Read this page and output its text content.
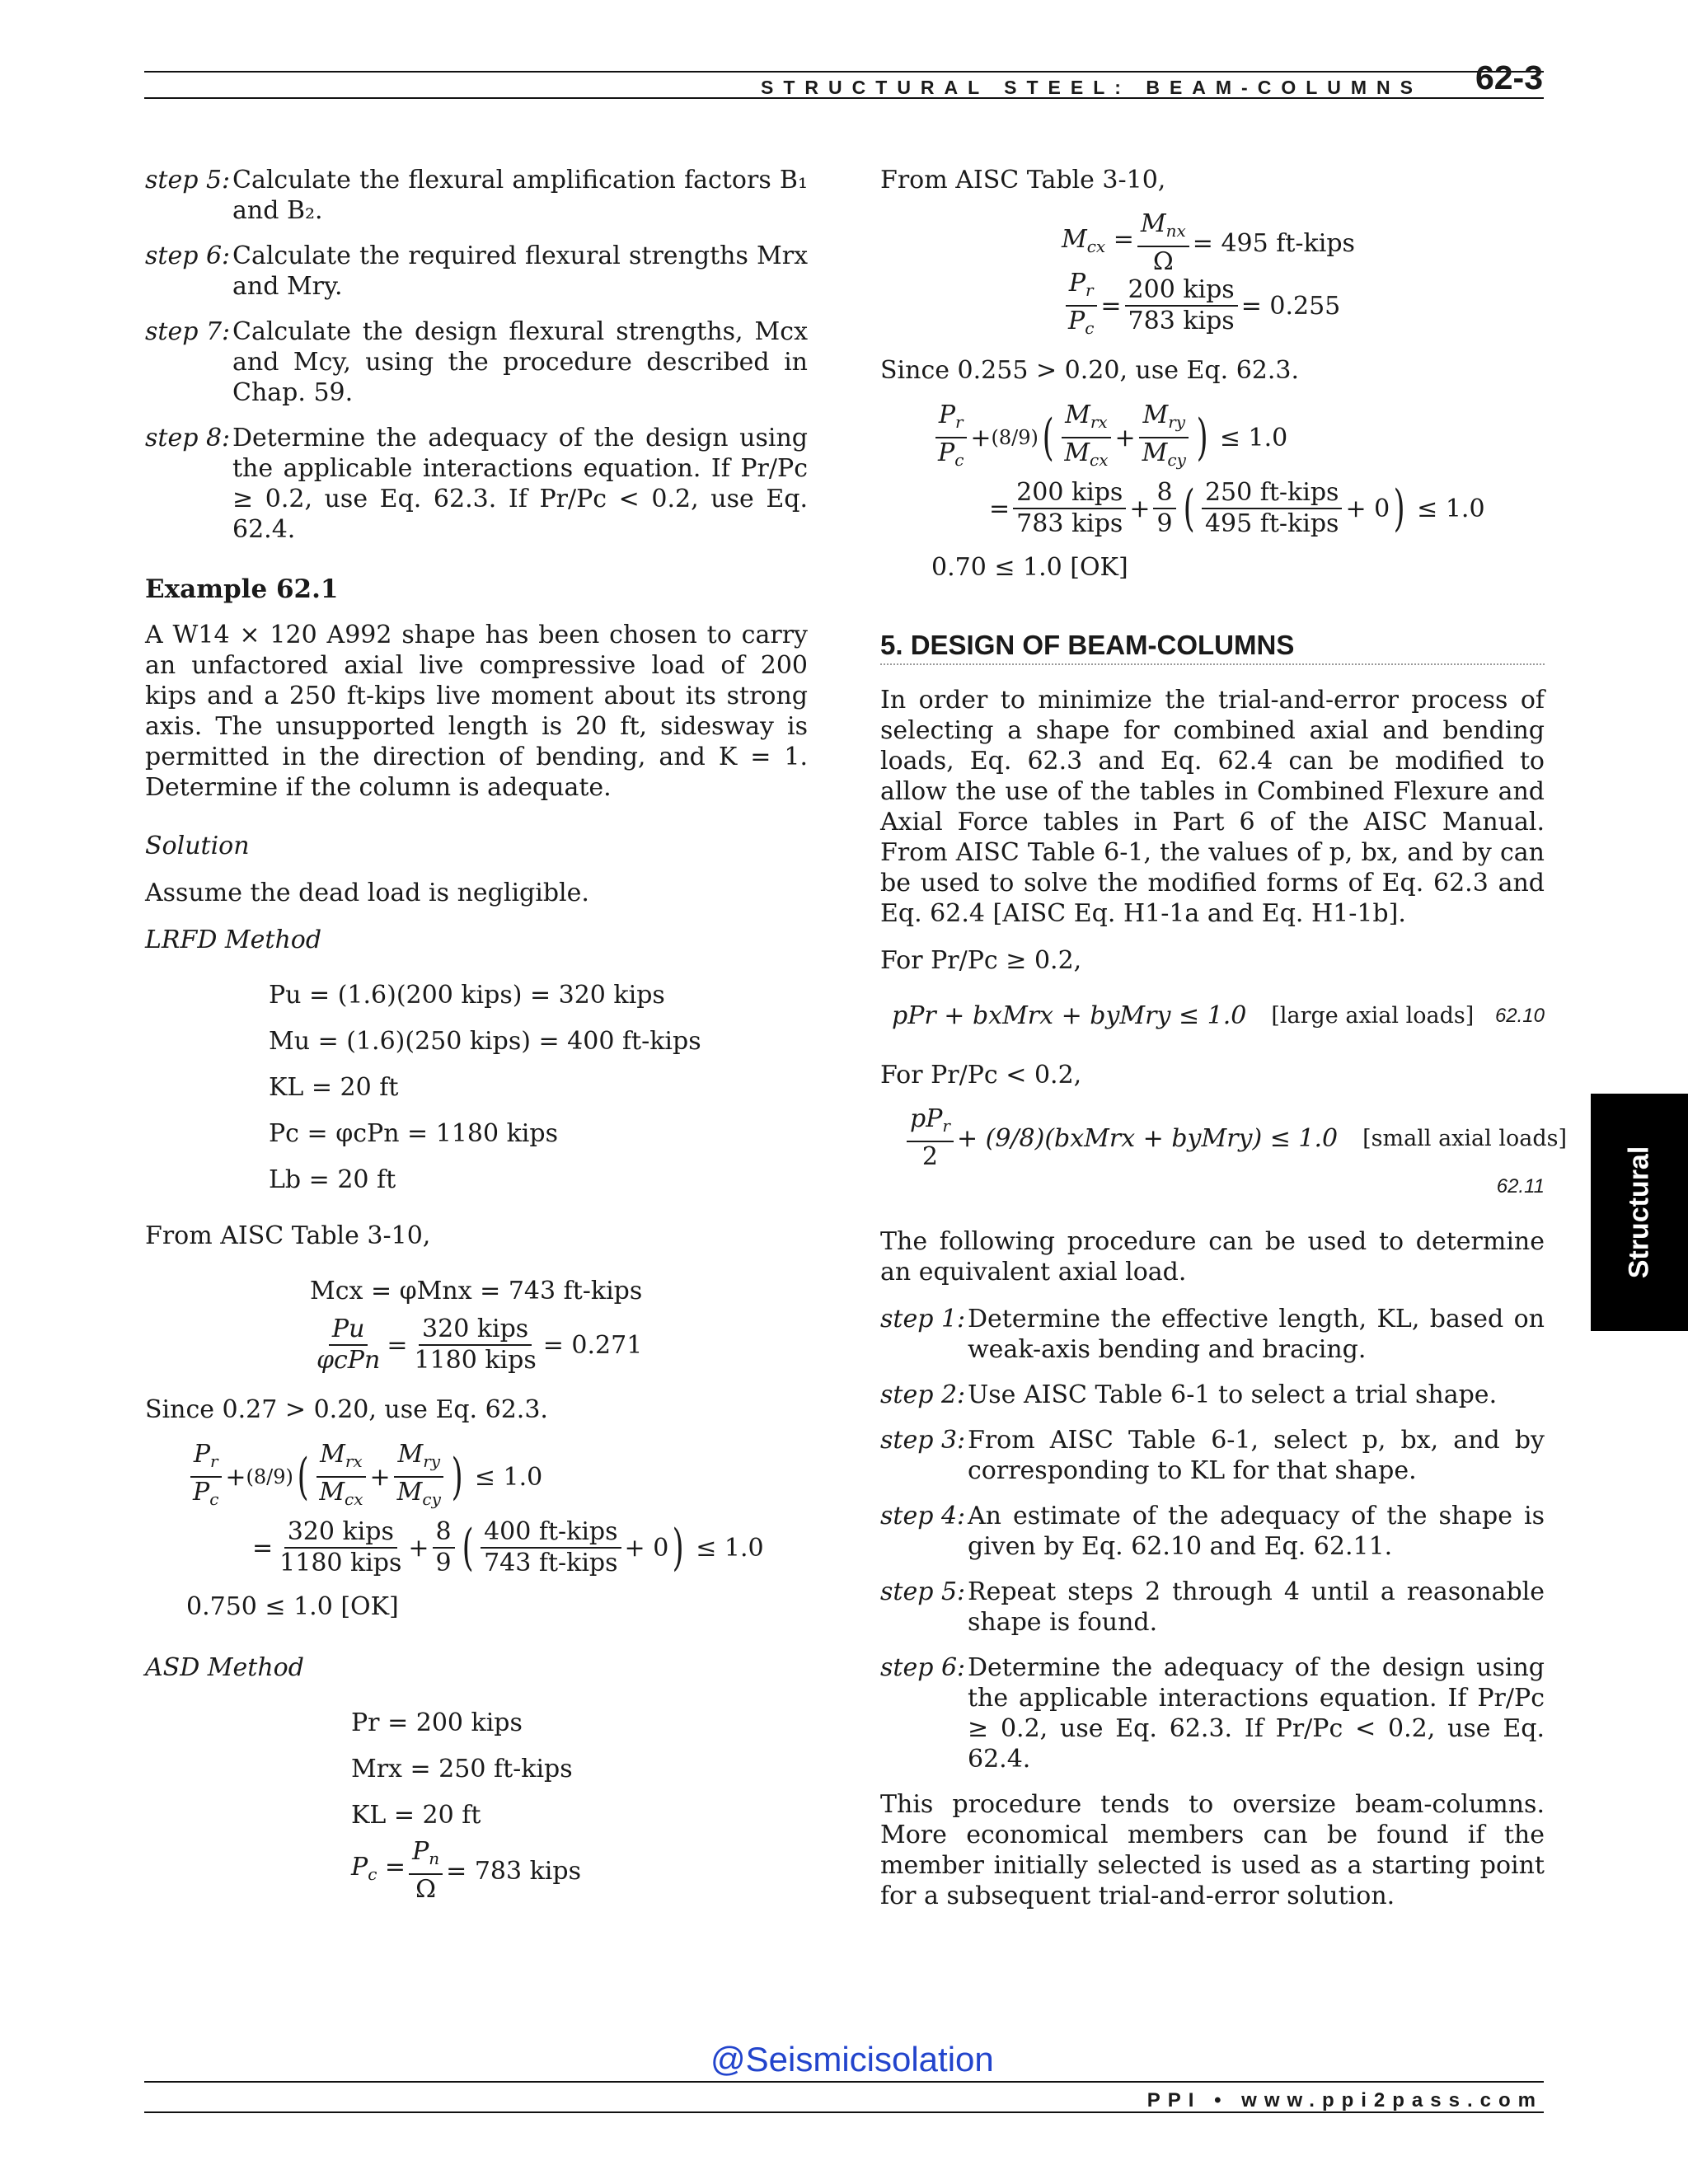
STRUCTURAL STEEL: BEAM-COLUMNS 62-3
step 5: Calculate the flexural amplification factors B₁ and B₂.
step 6: Calculate the required flexural strengths Mrx and Mry.
step 7: Calculate the design flexural strengths, Mcx and Mcy, using the procedure described in Chap. 59.
step 8: Determine the adequacy of the design using the applicable interactions equation. If Pr/Pc ≥ 0.2, use Eq. 62.3. If Pr/Pc < 0.2, use Eq. 62.4.
Example 62.1

A W14 × 120 A992 shape has been chosen to carry an unfactored axial live compressive load of 200 kips and a 250 ft-kips live moment about its strong axis. The unsupported length is 20 ft, sidesway is permitted in the direction of bending, and K = 1. Determine if the column is adequate.

Solution

Assume the dead load is negligible.

LRFD Method

Pu = (1.6)(200 kips) = 320 kips
Mu = (1.6)(250 kips) = 400 ft-kips
KL = 20 ft
Pc = φcPn = 1180 kips
Lb = 20 ft

From AISC Table 3-10,

Mcx = φMnx = 743 ft-kips
$\frac{Pu}{\text{φcPn}} = \frac{\text{320 kips}}{\text{1180 kips}} = 0.271$

Since 0.27 > 0.20, use Eq. 62.3.

$\frac{P_r}{P_c} + (8/9)$ ( $\frac{M_{rx}}{M_{cx}} + \frac{M_{ry}}{M_{cy}}$ ) ≤ 1.0
= $\frac{\text{320 kips}}{\text{1180 kips}} + \frac{8}{9}$ ( $\frac{\text{400 ft-kips}}{\text{743 ft-kips}} + 0$ ) ≤ 1.0
0.750 ≤ 1.0 [OK]

ASD Method

Pr = 200 kips
Mrx = 250 ft-kips
KL = 20 ft
$P_c = \frac{P_n}{\Omega} = 783$ kips

From AISC Table 3-10,

$M_{cx} = \frac{M_{nx}}{\Omega} = 495$ ft-kips
$\frac{P_r}{P_c} = \frac{\text{200 kips}}{\text{783 kips}} = 0.255$

Since 0.255 > 0.20, use Eq. 62.3.

$\frac{P_r}{P_c} + (8/9)$ ( $\frac{M_{rx}}{M_{cx}} + \frac{M_{ry}}{M_{cy}}$ ) ≤ 1.0
= $\frac{\text{200 kips}}{\text{783 kips}} + \frac{8}{9}$ ( $\frac{\text{250 ft-kips}}{\text{495 ft-kips}} + 0$ ) ≤ 1.0
0.70 ≤ 1.0 [OK]
5. DESIGN OF BEAM-COLUMNS

In order to minimize the trial-and-error process of selecting a shape for combined axial and bending loads, Eq. 62.3 and Eq. 62.4 can be modified to allow the use of the tables in Combined Flexure and Axial Force tables in Part 6 of the AISC Manual. From AISC Table 6-1, the values of p, bx, and by can be used to solve the modified forms of Eq. 62.3 and Eq. 62.4 [AISC Eq. H1-1a and Eq. H1-1b].

For Pr/Pc ≥ 0.2,

pPr + bxMrx + byMry ≤ 1.0 [large axial loads] 62.10

For Pr/Pc < 0.2,

$\frac{pP_r}{2}$ + (9/8)(bxMrx + byMry) ≤ 1.0 [small axial loads]
62.11

The following procedure can be used to determine an equivalent axial load.

step 1: Determine the effective length, KL, based on weak-axis bending and bracing.
step 2: Use AISC Table 6-1 to select a trial shape.
step 3: From AISC Table 6-1, select p, bx, and by corresponding to KL for that shape.
step 4: An estimate of the adequacy of the shape is given by Eq. 62.10 and Eq. 62.11.
step 5: Repeat steps 2 through 4 until a reasonable shape is found.
step 6: Determine the adequacy of the design using the applicable interactions equation. If Pr/Pc ≥ 0.2, use Eq. 62.3. If Pr/Pc < 0.2, use Eq. 62.4.

This procedure tends to oversize beam-columns. More economical members can be found if the member initially selected is used as a starting point for a subsequent trial-and-error solution.

Structural
@Seismicisolation
PPI • www.ppi2pass.com
